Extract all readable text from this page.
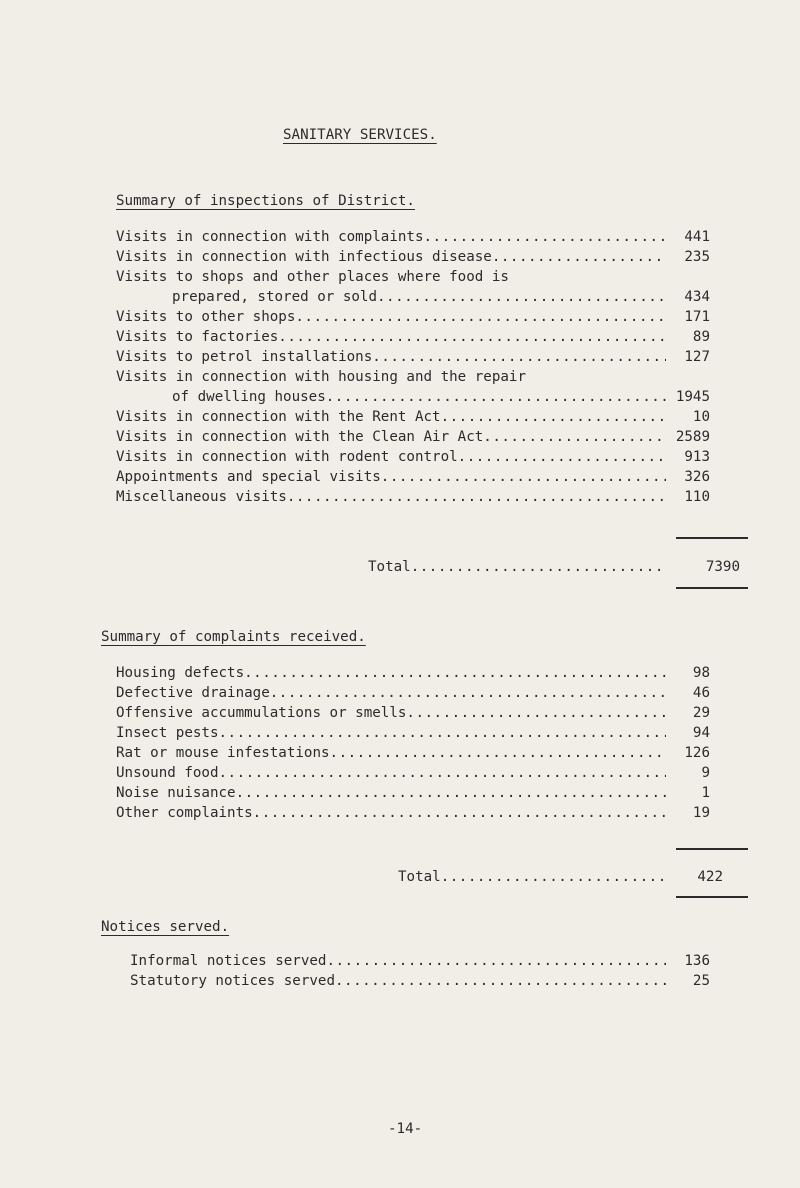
SANITARY SERVICES.
Summary of inspections of District.
Visits in connection with complaints .....	441
Visits in connection with infectious disease .....	235
Visits to shops and other places where food is
prepared, stored or sold .....	434
Visits to other shops .....	171
Visits to factories .....	89
Visits to petrol installations .....	127
Visits in connection with housing and the repair
of dwelling houses .....	1945
Visits in connection with the Rent Act .....	10
Visits in connection with the Clean Air Act .....	2589
Visits in connection with rodent control .....	913
Appointments and special visits .....	326
Miscellaneous visits .....	110
Total .....	7390
Summary of complaints received.
Housing defects .....	98
Defective drainage .....	46
Offensive accummulations or smells .....	29
Insect pests .....	94
Rat or mouse infestations .....	126
Unsound food .....	9
Noise nuisance .....	1
Other complaints .....	19
Total .....	422
Notices served.
Informal notices served .....	136
Statutory notices served .....	25
-14-
